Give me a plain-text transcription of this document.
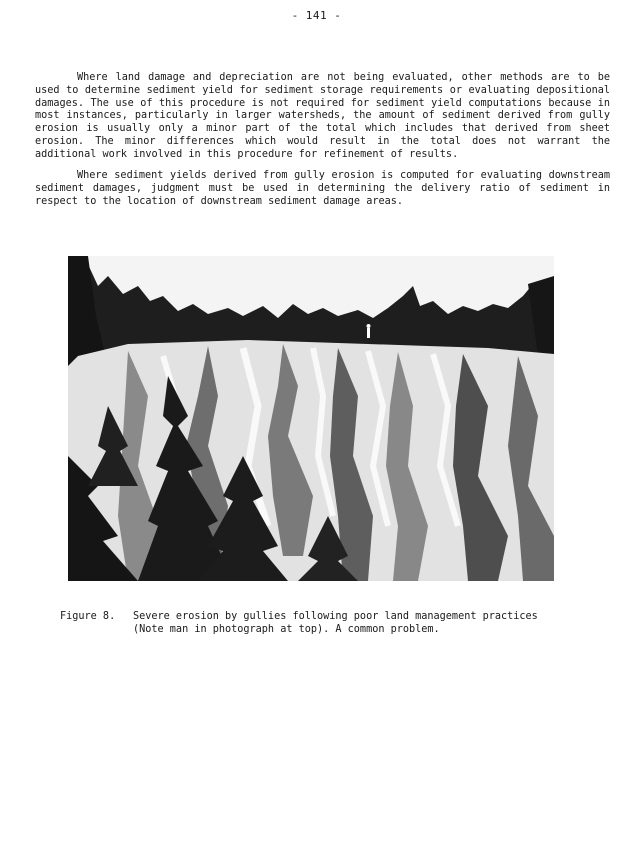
- 141 -

Where land damage and depreciation are not being evaluated, other methods are to be used to determine sediment yield for sediment storage requirements or evaluating depositional damages. The use of this procedure is not required for sediment yield computations because in most instances, particularly in larger watersheds, the amount of sediment derived from gully erosion is usually only a minor part of the total which includes that derived from sheet erosion. The minor differences which would result in the total does not warrant the additional work involved in this procedure for refinement of results.

Where sediment yields derived from gully erosion is computed for evaluating downstream sediment damages, judgment must be used in determining the delivery ratio of sediment in respect to the location of downstream sediment damage areas.

Figure 8. Severe erosion by gullies following poor land management practices (Note man in photograph at top). A common problem.
